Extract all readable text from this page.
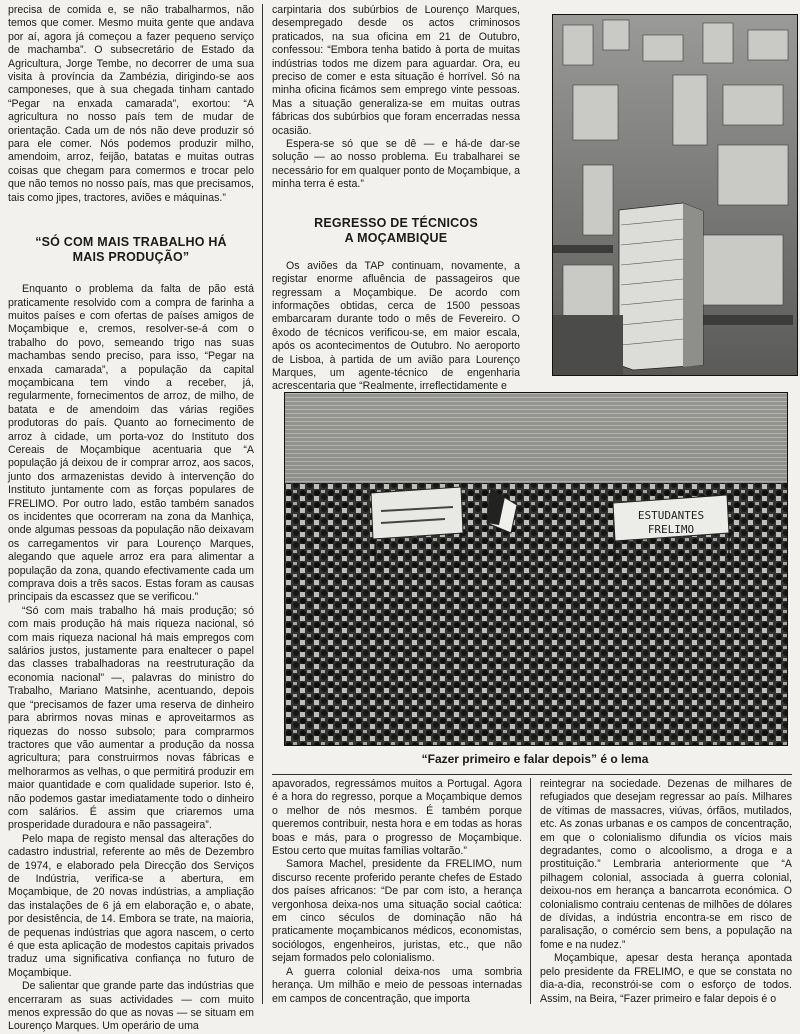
precisa de comida e, se não trabalharmos, não temos que comer. Mesmo muita gente que andava por aí, agora já começou a fazer pequeno serviço de machamba”. O subsecretário de Estado da Agricultura, Jorge Tembe, no decorrer de uma sua visita à província da Zambézia, dirigindo-se aos camponeses, que à sua chegada tinham cantado “Pegar na enxada camarada”, exortou: “A agricultura no nosso país tem de mudar de orientação. Cada um de nós não deve produzir só para ele comer. Nós podemos produzir milho, amendoim, arroz, feijão, batatas e muitas outras coisas que chegam para comermos e trocar pelo que não temos no nosso país, mas que precisamos, tais como jipes, tractores, aviões e máquinas.”

“SÓ COM MAIS TRABALHO HÁ MAIS PRODUÇÃO”

Enquanto o problema da falta de pão está praticamente resolvido com a compra de farinha a muitos países e com ofertas de países amigos de Moçambique e, cremos, resolver-se-á com o trabalho do povo, semeando trigo nas suas machambas sendo preciso, para isso, “Pegar na enxada camarada”, a população da capital moçambicana tem vindo a receber, já, regularmente, fornecimentos de arroz, de milho, de batata e de amendoim das várias regiões produtoras do país. Quanto ao fornecimento de arroz à cidade, um porta-voz do Instituto dos Cereais de Moçambique acentuaria que “A população já deixou de ir comprar arroz, aos sacos, junto dos armazenistas devido à intervenção do Instituto juntamente com as forças populares de FRELIMO. Por outro lado, estão também sanados os incidentes que ocorreram na zona da Manhiça, onde algumas pessoas da população não deixavam os carregamentos vir para Lourenço Marques, alegando que aquele arroz era para alimentar a população da zona, quando efectivamente cada um comprava dois a três sacos. Estas foram as causas principais da escassez que se verificou.”

“Só com mais trabalho há mais produção; só com mais produção há mais riqueza nacional, só com mais riqueza nacional há mais empregos com salários justos, justamente para enaltecer o papel das classes trabalhadoras na reestruturação da economia nacional” —, palavras do ministro do Trabalho, Mariano Matsinhe, acentuando, depois que “precisamos de fazer uma reserva de dinheiro para abrirmos novas minas e aproveitarmos as riquezas do nosso subsolo; para comprarmos tractores que vão aumentar a produção da nossa agricultura; para construirmos novas fábricas e melhorarmos as velhas, o que permitirá produzir em maior quantidade e com qualidade superior. Isto é, não podemos gastar imediatamente todo o dinheiro com salários. É assim que criaremos uma prosperidade duradoura e não passageira”.

Pelo mapa de registo mensal das alterações do cadastro industrial, referente ao mês de Dezembro de 1974, e elaborado pela Direcção dos Serviços de Indústria, verifica-se a abertura, em Moçambique, de 20 novas indústrias, a ampliação das instalações de 6 já em elaboração e, o abate, por desistência, de 14. Embora se trate, na maioria, de pequenas indústrias que agora nascem, o certo é que esta aplicação de modestos capitais privados traduz uma significativa confiança no futuro de Moçambique.

De salientar que grande parte das indústrias que encerraram as suas actividades — com muito menos expressão do que as novas — se situam em Lourenço Marques. Um operário de uma

carpintaria dos subúrbios de Lourenço Marques, desempregado desde os actos criminosos praticados, na sua oficina em 21 de Outubro, confessou: “Embora tenha batido à porta de muitas indústrias todos me dizem para aguardar. Ora, eu preciso de comer e esta situação é horrível. Só na minha oficina ficámos sem emprego vinte pessoas. Mas a situação generaliza-se em muitas outras fábricas dos subúrbios que foram encerradas nessa ocasião.

Espera-se só que se dê — e há-de dar-se solução — ao nosso problema. Eu trabalharei se necessário for em qualquer ponto de Moçambique, a minha terra é esta.”

REGRESSO DE TÉCNICOS A MOÇAMBIQUE

Os aviões da TAP continuam, novamente, a registar enorme afluência de passageiros que regressam a Moçambique. De acordo com informações obtidas, cerca de 1500 pessoas embarcaram durante todo o mês de Fevereiro. O êxodo de técnicos verificou-se, em maior escala, após os acontecimentos de Outubro. No aeroporto de Lisboa, à partida de um avião para Lourenço Marques, um agente-técnico de engenharia acrescentaria que “Realmente, irreflectidamente e

ESTUDANTES
FRELIMO
“Fazer primeiro e falar depois” é o lema

apavorados, regressámos muitos a Portugal. Agora é a hora do regresso, porque a Moçambique demos o melhor de nós mesmos. É também porque queremos contribuir, nesta hora e em todas as horas boas e más, para o progresso de Moçambique. Estou certo que muitas famílias voltarão.”

Samora Machel, presidente da FRELIMO, num discurso recente proferido perante chefes de Estado dos países africanos: “De par com isto, a herança vergonhosa deixa-nos uma situação social caótica: em cinco séculos de dominação não há praticamente moçambicanos médicos, economistas, sociólogos, engenheiros, juristas, etc., que não sejam formados pelo colonialismo.

A guerra colonial deixa-nos uma sombria herança. Um milhão e meio de pessoas internadas em campos de concentração, que importa

reintegrar na sociedade. Dezenas de milhares de refugiados que desejam regressar ao país. Milhares de vítimas de massacres, viúvas, órfãos, mutilados, etc. As zonas urbanas e os campos de concentração, em que o colonialismo difundia os vícios mais degradantes, como o alcoolismo, a droga e a prostituição.” Lembraria anteriormente que “A pilhagem colonial, associada à guerra colonial, deixou-nos em herança a bancarrota económica. O colonialismo contraiu centenas de milhões de dólares de dívidas, a indústria encontra-se em risco de paralisação, o comércio sem bens, a população na fome e na nudez.”

Moçambique, apesar desta herança apontada pelo presidente da FRELIMO, e que se constata no dia-a-dia, reconstrói-se com o esforço de todos. Assim, na Beira, “Fazer primeiro e falar depois é o
